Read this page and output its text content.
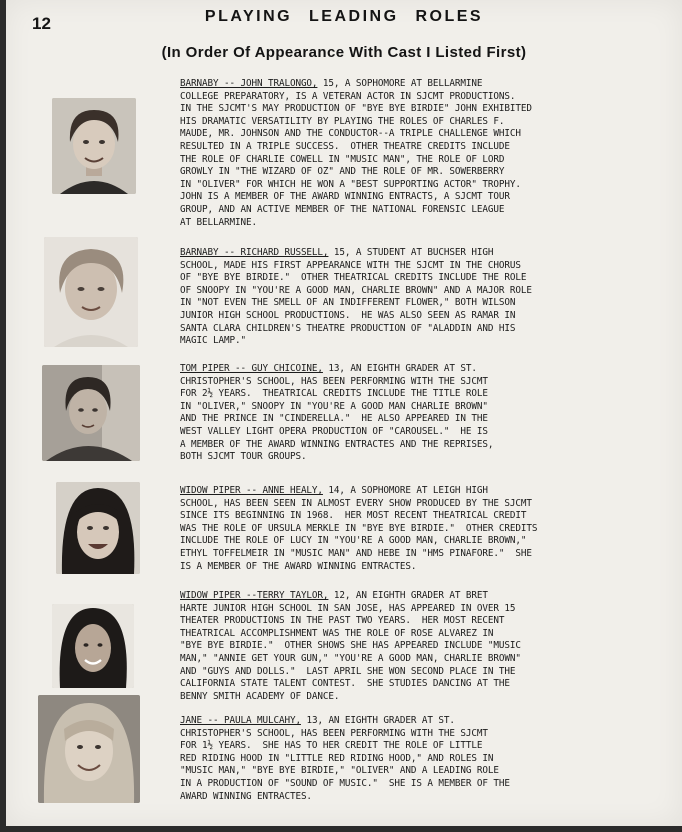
12	PLAYING LEADING ROLES
(In Order Of Appearance With Cast I Listed First)
BARNABY -- JOHN TRALONGO, 15, A SOPHOMORE AT BELLARMINE
COLLEGE PREPARATORY, IS A VETERAN ACTOR IN SJCMT PRODUCTIONS.
IN THE SJCMT'S MAY PRODUCTION OF "BYE BYE BIRDIE" JOHN EXHIBITED
HIS DRAMATIC VERSATILITY BY PLAYING THE ROLES OF CHARLES F.
MAUDE, MR. JOHNSON AND THE CONDUCTOR--A TRIPLE CHALLENGE WHICH
RESULTED IN A TRIPLE SUCCESS.  OTHER THEATRE CREDITS INCLUDE
THE ROLE OF CHARLIE COWELL IN "MUSIC MAN", THE ROLE OF LORD
GROWLY IN "THE WIZARD OF OZ" AND THE ROLE OF MR. SOWERBERRY
IN "OLIVER" FOR WHICH HE WON A "BEST SUPPORTING ACTOR" TROPHY.
JOHN IS A MEMBER OF THE AWARD WINNING ENTRACTS, A SJCMT TOUR
GROUP, AND AN ACTIVE MEMBER OF THE NATIONAL FORENSIC LEAGUE
AT BELLARMINE.
BARNABY -- RICHARD RUSSELL, 15, A STUDENT AT BUCHSER HIGH
SCHOOL, MADE HIS FIRST APPEARANCE WITH THE SJCMT IN THE CHORUS
OF "BYE BYE BIRDIE."  OTHER THEATRICAL CREDITS INCLUDE THE ROLE
OF SNOOPY IN "YOU'RE A GOOD MAN, CHARLIE BROWN" AND A MAJOR ROLE
IN "NOT EVEN THE SMELL OF AN INDIFFERENT FLOWER," BOTH WILSON
JUNIOR HIGH SCHOOL PRODUCTIONS.  HE WAS ALSO SEEN AS RAMAR IN
SANTA CLARA CHILDREN'S THEATRE PRODUCTION OF "ALADDIN AND HIS
MAGIC LAMP."
TOM PIPER -- GUY CHICOINE, 13, AN EIGHTH GRADER AT ST.
CHRISTOPHER'S SCHOOL, HAS BEEN PERFORMING WITH THE SJCMT
FOR 2½ YEARS.  THEATRICAL CREDITS INCLUDE THE TITLE ROLE
IN "OLIVER," SNOOPY IN "YOU'RE A GOOD MAN CHARLIE BROWN"
AND THE PRINCE IN "CINDERELLA."  HE ALSO APPEARED IN THE
WEST VALLEY LIGHT OPERA PRODUCTION OF "CAROUSEL."  HE IS
A MEMBER OF THE AWARD WINNING ENTRACTES AND THE REPRISES,
BOTH SJCMT TOUR GROUPS.
WIDOW PIPER -- ANNE HEALY, 14, A SOPHOMORE AT LEIGH HIGH
SCHOOL, HAS BEEN SEEN IN ALMOST EVERY SHOW PRODUCED BY THE SJCMT
SINCE ITS BEGINNING IN 1968.  HER MOST RECENT THEATRICAL CREDIT
WAS THE ROLE OF URSULA MERKLE IN "BYE BYE BIRDIE."  OTHER CREDITS
INCLUDE THE ROLE OF LUCY IN "YOU'RE A GOOD MAN, CHARLIE BROWN,"
ETHYL TOFFELMEIR IN "MUSIC MAN" AND HEBE IN "HMS PINAFORE."  SHE
IS A MEMBER OF THE AWARD WINNING ENTRACTES.
WIDOW PIPER --TERRY TAYLOR, 12, AN EIGHTH GRADER AT BRET
HARTE JUNIOR HIGH SCHOOL IN SAN JOSE, HAS APPEARED IN OVER 15
THEATER PRODUCTIONS IN THE PAST TWO YEARS.  HER MOST RECENT
THEATRICAL ACCOMPLISHMENT WAS THE ROLE OF ROSE ALVAREZ IN
"BYE BYE BIRDIE."  OTHER SHOWS SHE HAS APPEARED INCLUDE "MUSIC
MAN," "ANNIE GET YOUR GUN," "YOU'RE A GOOD MAN, CHARLIE BROWN"
AND "GUYS AND DOLLS."  LAST APRIL SHE WON SECOND PLACE IN THE
CALIFORNIA STATE TALENT CONTEST.  SHE STUDIES DANCING AT THE
BENNY SMITH ACADEMY OF DANCE.
JANE -- PAULA MULCAHY, 13, AN EIGHTH GRADER AT ST.
CHRISTOPHER'S SCHOOL, HAS BEEN PERFORMING WITH THE SJCMT
FOR 1½ YEARS.  SHE HAS TO HER CREDIT THE ROLE OF LITTLE
RED RIDING HOOD IN "LITTLE RED RIDING HOOD," AND ROLES IN
"MUSIC MAN," "BYE BYE BIRDIE," "OLIVER" AND A LEADING ROLE
IN A PRODUCTION OF "SOUND OF MUSIC."  SHE IS A MEMBER OF THE
AWARD WINNING ENTRACTES.
